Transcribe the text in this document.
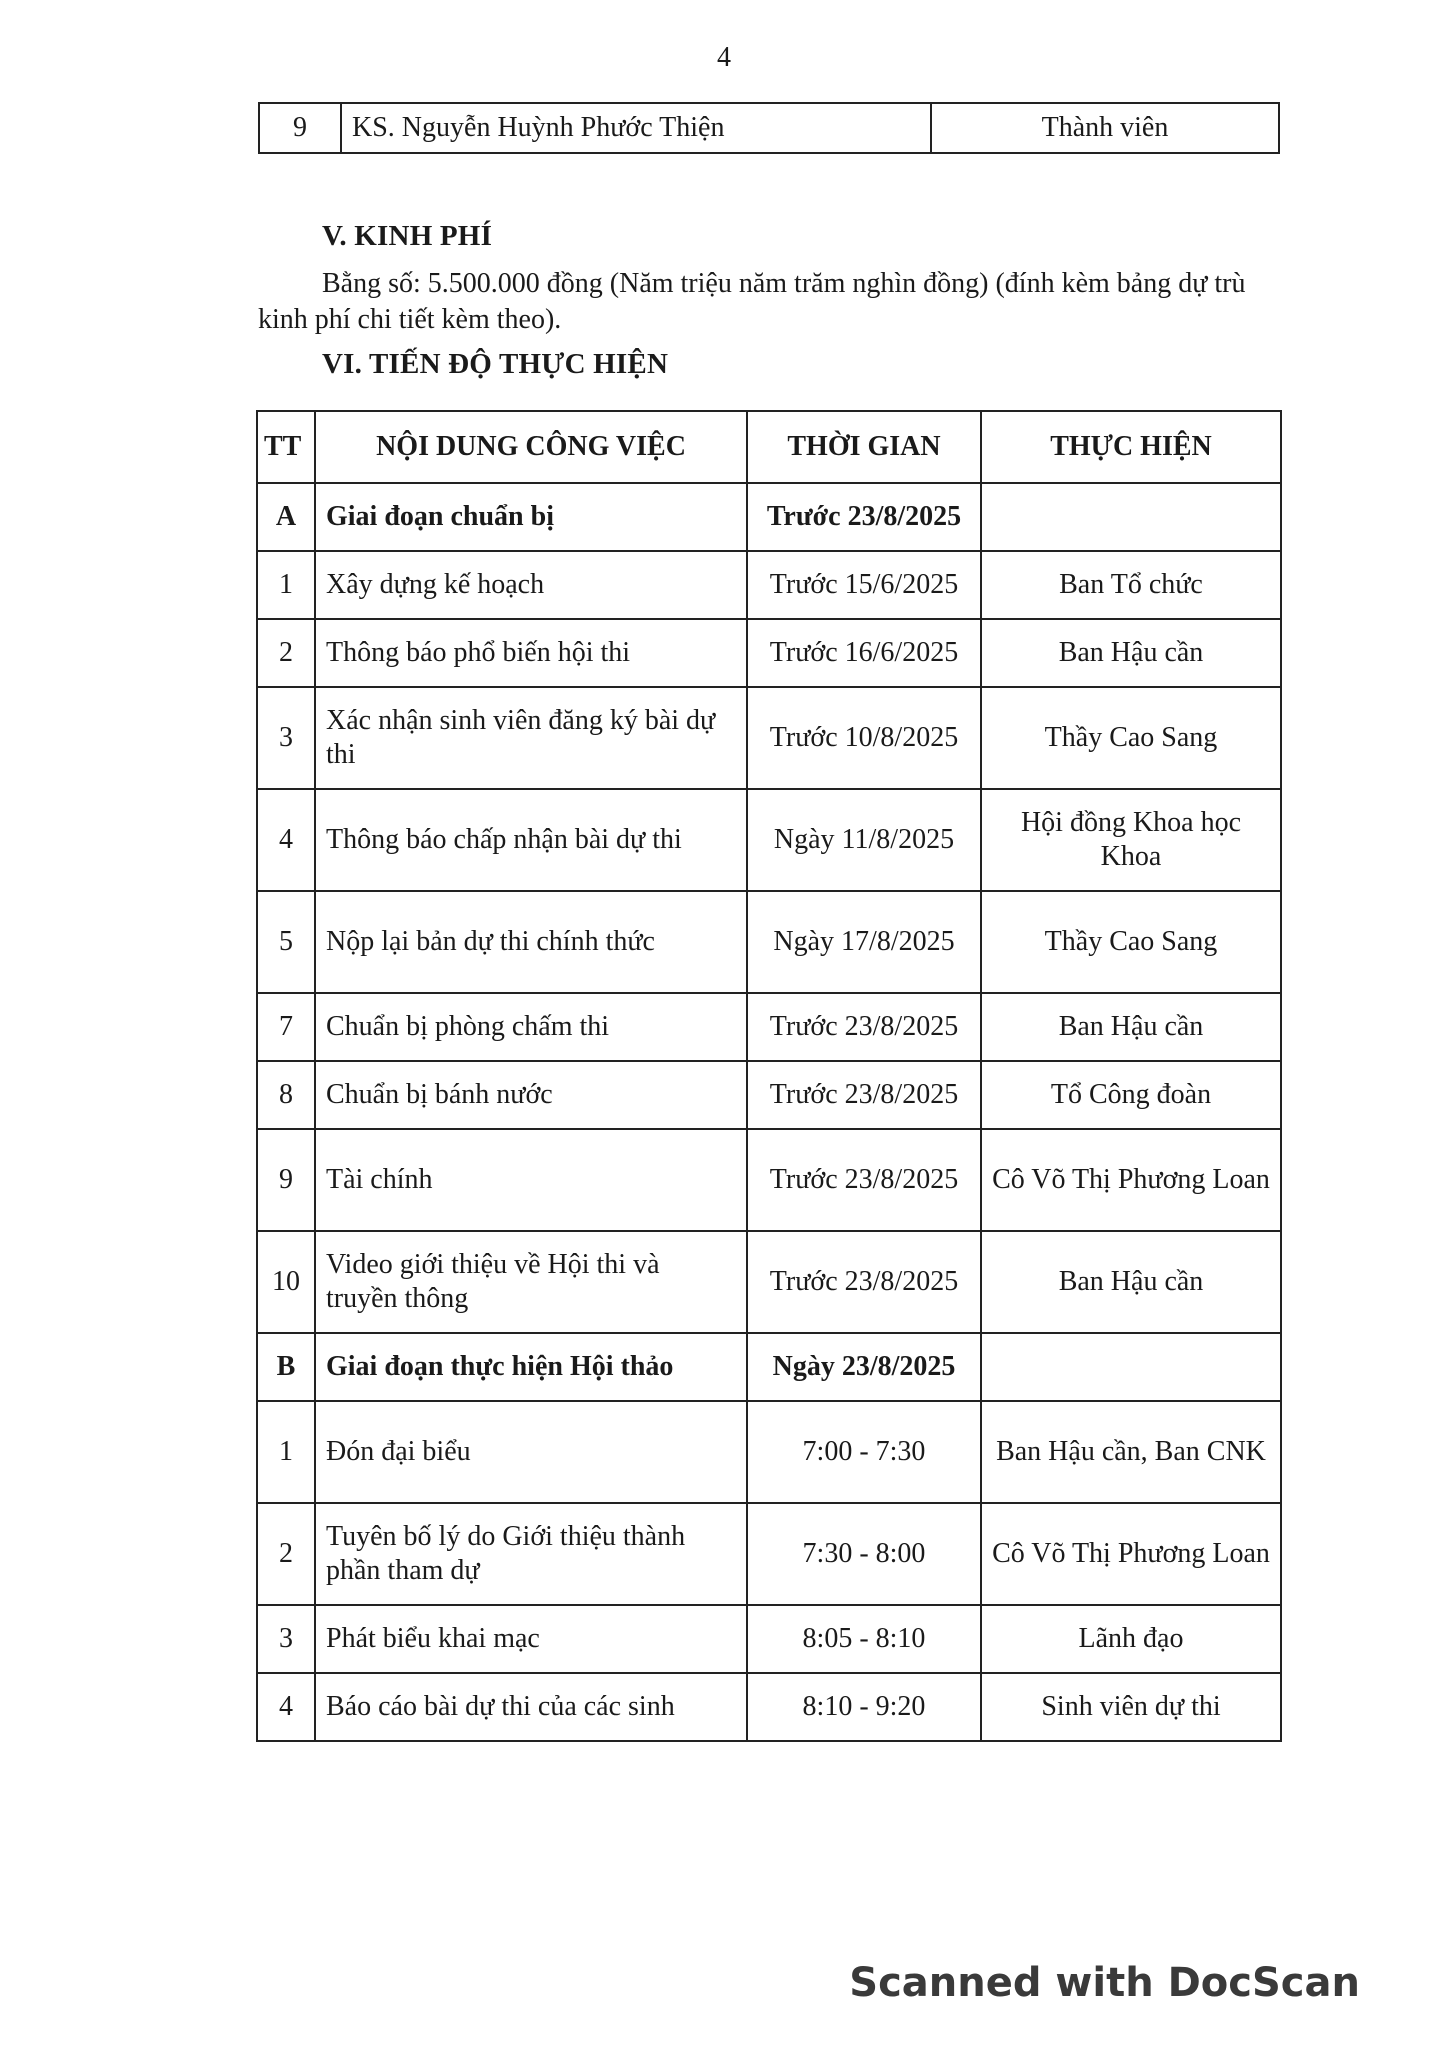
4
9	KS. Nguyễn Huỳnh Phước Thiện	Thành viên
V. KINH PHÍ
Bằng số: 5.500.000 đồng (Năm triệu năm trăm nghìn đồng) (đính kèm bảng dự trù kinh phí chi tiết kèm theo).
VI. TIẾN ĐỘ THỰC HIỆN
TT	NỘI DUNG CÔNG VIỆC	THỜI GIAN	THỰC HIỆN
A	Giai đoạn chuẩn bị	Trước 23/8/2025	
1	Xây dựng kế hoạch	Trước 15/6/2025	Ban Tổ chức
2	Thông báo phổ biến hội thi	Trước 16/6/2025	Ban Hậu cần
3	Xác nhận sinh viên đăng ký bài dự thi	Trước 10/8/2025	Thầy Cao Sang
4	Thông báo chấp nhận bài dự thi	Ngày 11/8/2025	Hội đồng Khoa học Khoa
5	Nộp lại bản dự thi chính thức	Ngày 17/8/2025	Thầy Cao Sang
7	Chuẩn bị phòng chấm thi	Trước 23/8/2025	Ban Hậu cần
8	Chuẩn bị bánh nước	Trước 23/8/2025	Tổ Công đoàn
9	Tài chính	Trước 23/8/2025	Cô Võ Thị Phương Loan
10	Video giới thiệu về Hội thi và truyền thông	Trước 23/8/2025	Ban Hậu cần
B	Giai đoạn thực hiện Hội thảo	Ngày 23/8/2025	
1	Đón đại biểu	7:00 - 7:30	Ban Hậu cần, Ban CNK
2	Tuyên bố lý do Giới thiệu thành phần tham dự	7:30 - 8:00	Cô Võ Thị Phương Loan
3	Phát biểu khai mạc	8:05 - 8:10	Lãnh đạo
4	Báo cáo bài dự thi của các sinh	8:10 - 9:20	Sinh viên dự thi
Scanned with DocScan
